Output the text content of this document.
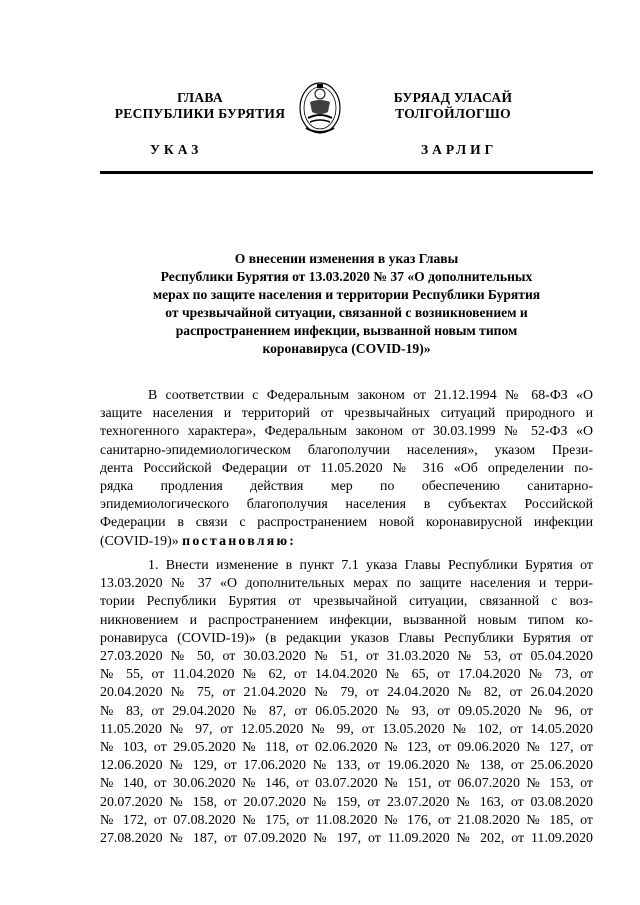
ГЛАВА
РЕСПУБЛИКИ БУРЯТИЯ
БУРЯАД УЛАСАЙ
ТОЛГОЙЛОГШО
УКАЗ	ЗАРЛИГ
О внесении изменения в указ Главы
Республики Бурятия от 13.03.2020 № 37 «О дополнительных
мерах по защите населения и территории Республики Бурятия
от чрезвычайной ситуации, связанной с возникновением и
распространением инфекции, вызванной новым типом
коронавируса (COVID-19)»
В соответствии с Федеральным законом от 21.12.1994 № 68-ФЗ «О
защите населения и территорий от чрезвычайных ситуаций природного и
техногенного характера», Федеральным законом от 30.03.1999 № 52-ФЗ «О
санитарно-эпидемиологическом благополучии населения», указом Прези-
дента Российской Федерации от 11.05.2020 № 316 «Об определении по-
рядка продления действия мер по обеспечению санитарно-
эпидемиологического благополучия населения в субъектах Российской
Федерации в связи с распространением новой коронавирусной инфекции
(COVID-19)» постановляю:
1. Внести изменение в пункт 7.1 указа Главы Республики Бурятия от
13.03.2020 № 37 «О дополнительных мерах по защите населения и терри-
тории Республики Бурятия от чрезвычайной ситуации, связанной с воз-
никновением и распространением инфекции, вызванной новым типом ко-
ронавируса (COVID-19)» (в редакции указов Главы Республики Бурятия от
27.03.2020 № 50, от 30.03.2020 № 51, от 31.03.2020 № 53, от 05.04.2020
№ 55, от 11.04.2020 № 62, от 14.04.2020 № 65, от 17.04.2020 № 73, от
20.04.2020 № 75, от 21.04.2020 № 79, от 24.04.2020 № 82, от 26.04.2020
№ 83, от 29.04.2020 № 87, от 06.05.2020 № 93, от 09.05.2020 № 96, от
11.05.2020 № 97, от 12.05.2020 № 99, от 13.05.2020 № 102, от 14.05.2020
№ 103, от 29.05.2020 № 118, от 02.06.2020 № 123, от 09.06.2020 № 127, от
12.06.2020 № 129, от 17.06.2020 № 133, от 19.06.2020 № 138, от 25.06.2020
№ 140, от 30.06.2020 № 146, от 03.07.2020 № 151, от 06.07.2020 № 153, от
20.07.2020 № 158, от 20.07.2020 № 159, от 23.07.2020 № 163, от 03.08.2020
№ 172, от 07.08.2020 № 175, от 11.08.2020 № 176, от 21.08.2020 № 185, от
27.08.2020 № 187, от 07.09.2020 № 197, от 11.09.2020 № 202, от 11.09.2020
